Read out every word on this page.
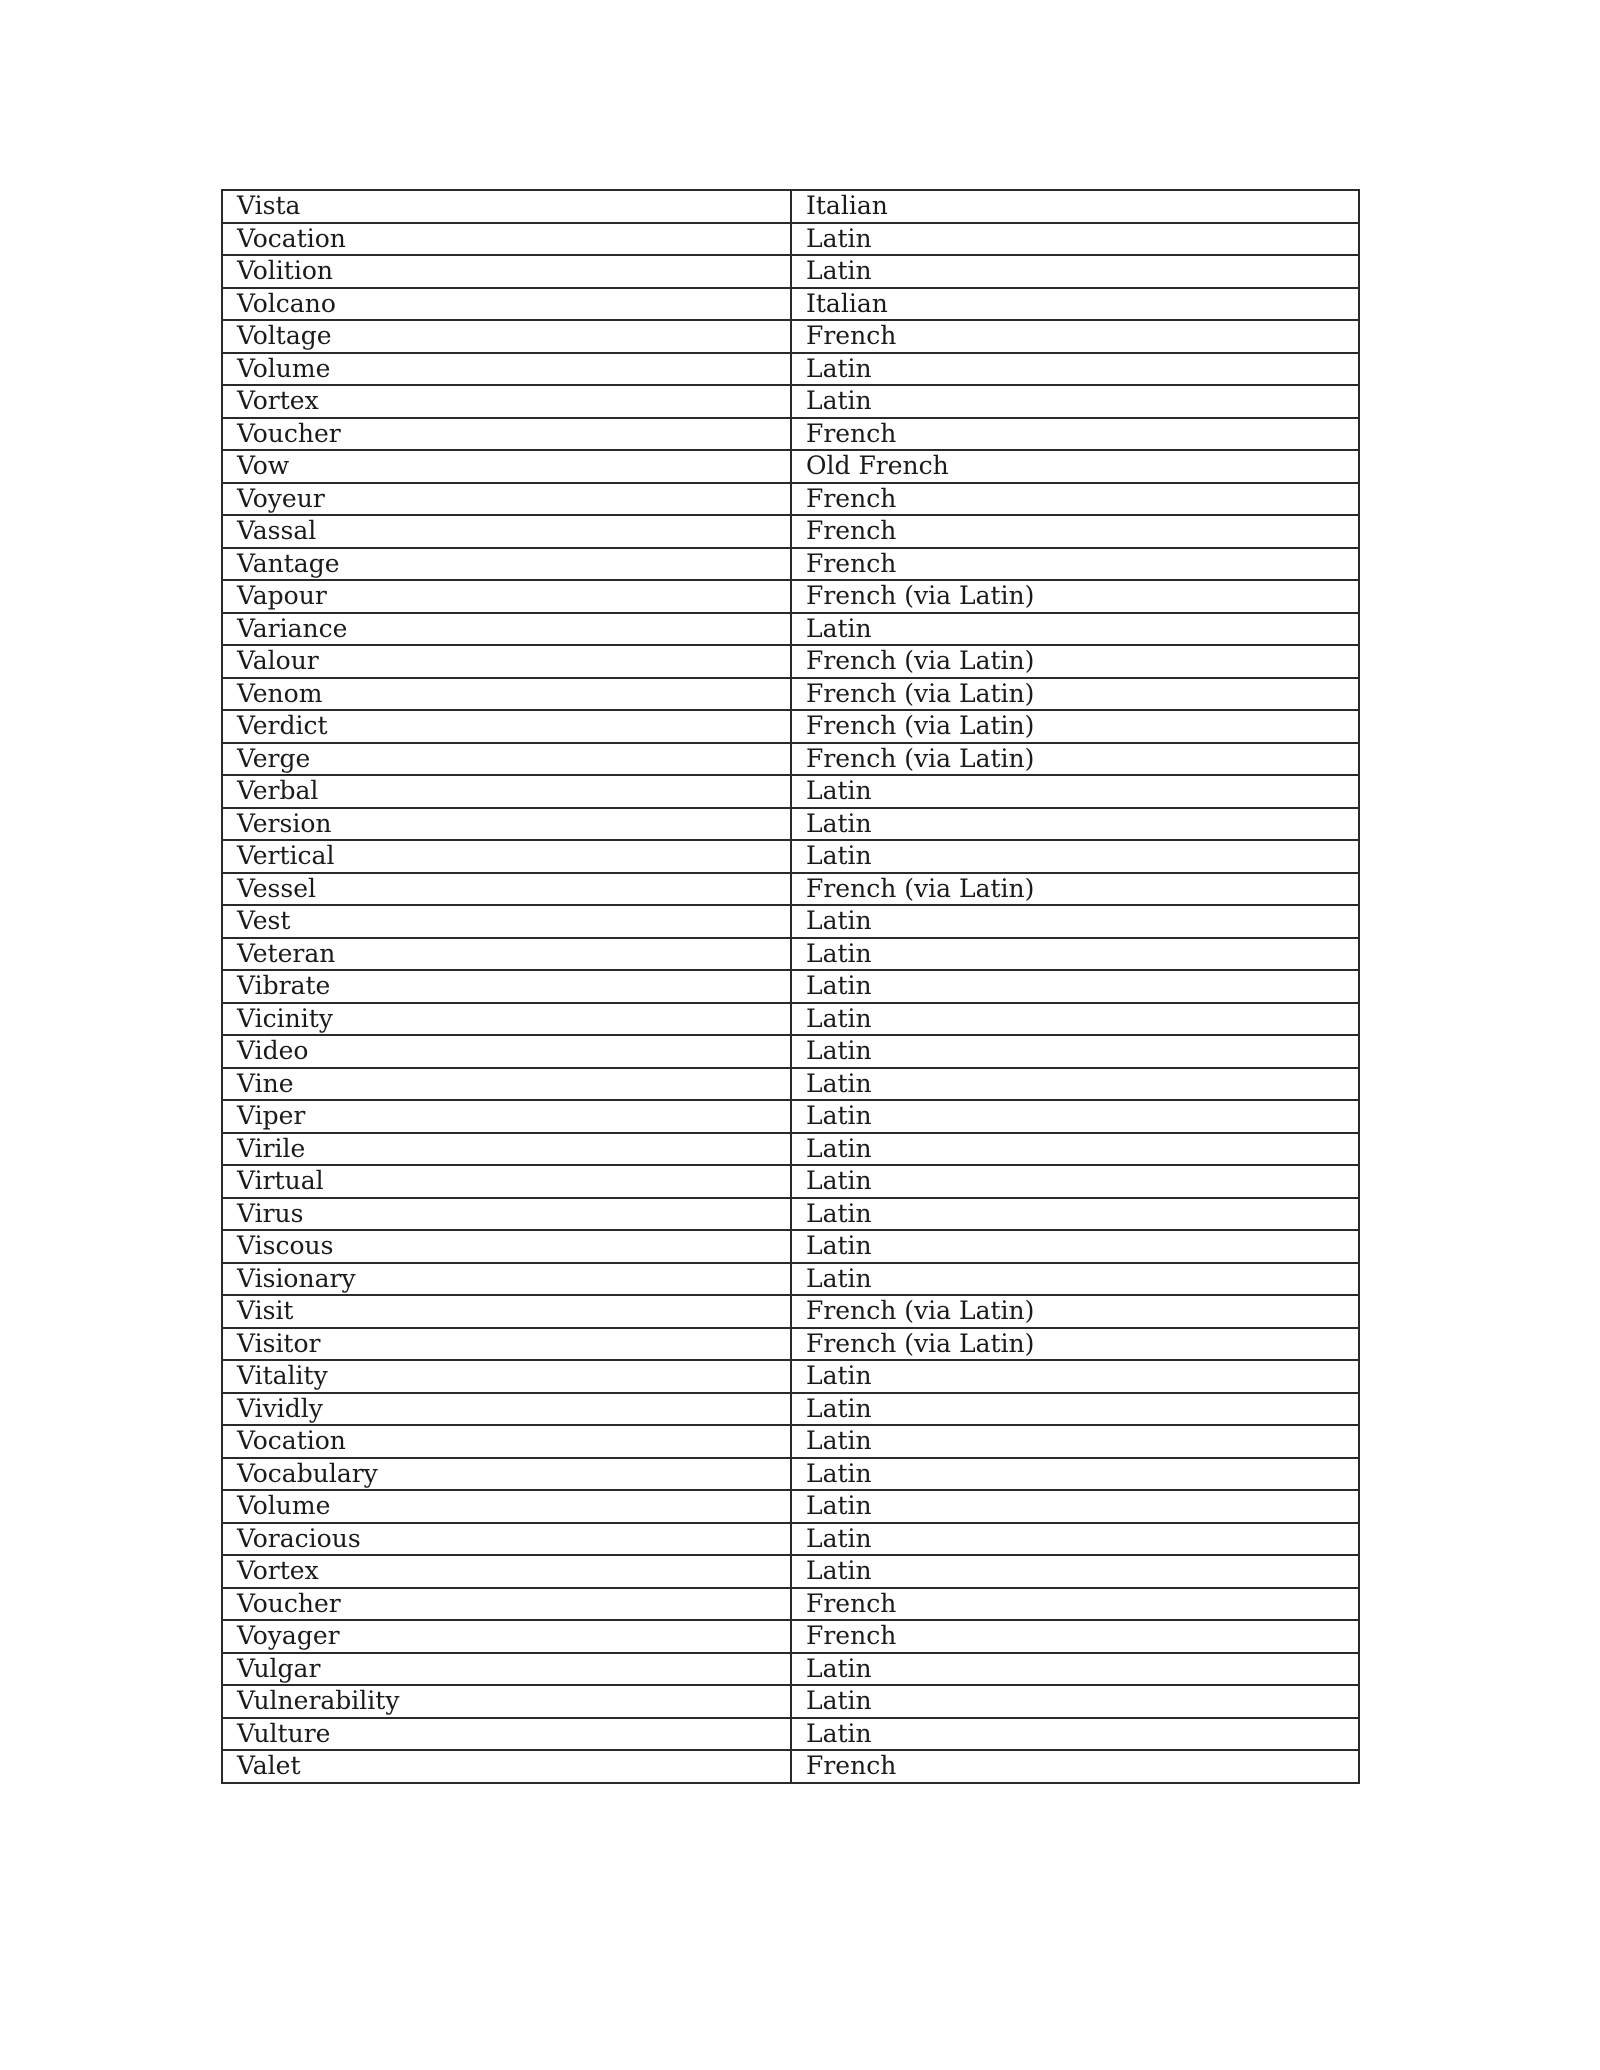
Vista	Italian
Vocation	Latin
Volition	Latin
Volcano	Italian
Voltage	French
Volume	Latin
Vortex	Latin
Voucher	French
Vow	Old French
Voyeur	French
Vassal	French
Vantage	French
Vapour	French (via Latin)
Variance	Latin
Valour	French (via Latin)
Venom	French (via Latin)
Verdict	French (via Latin)
Verge	French (via Latin)
Verbal	Latin
Version	Latin
Vertical	Latin
Vessel	French (via Latin)
Vest	Latin
Veteran	Latin
Vibrate	Latin
Vicinity	Latin
Video	Latin
Vine	Latin
Viper	Latin
Virile	Latin
Virtual	Latin
Virus	Latin
Viscous	Latin
Visionary	Latin
Visit	French (via Latin)
Visitor	French (via Latin)
Vitality	Latin
Vividly	Latin
Vocation	Latin
Vocabulary	Latin
Volume	Latin
Voracious	Latin
Vortex	Latin
Voucher	French
Voyager	French
Vulgar	Latin
Vulnerability	Latin
Vulture	Latin
Valet	French
